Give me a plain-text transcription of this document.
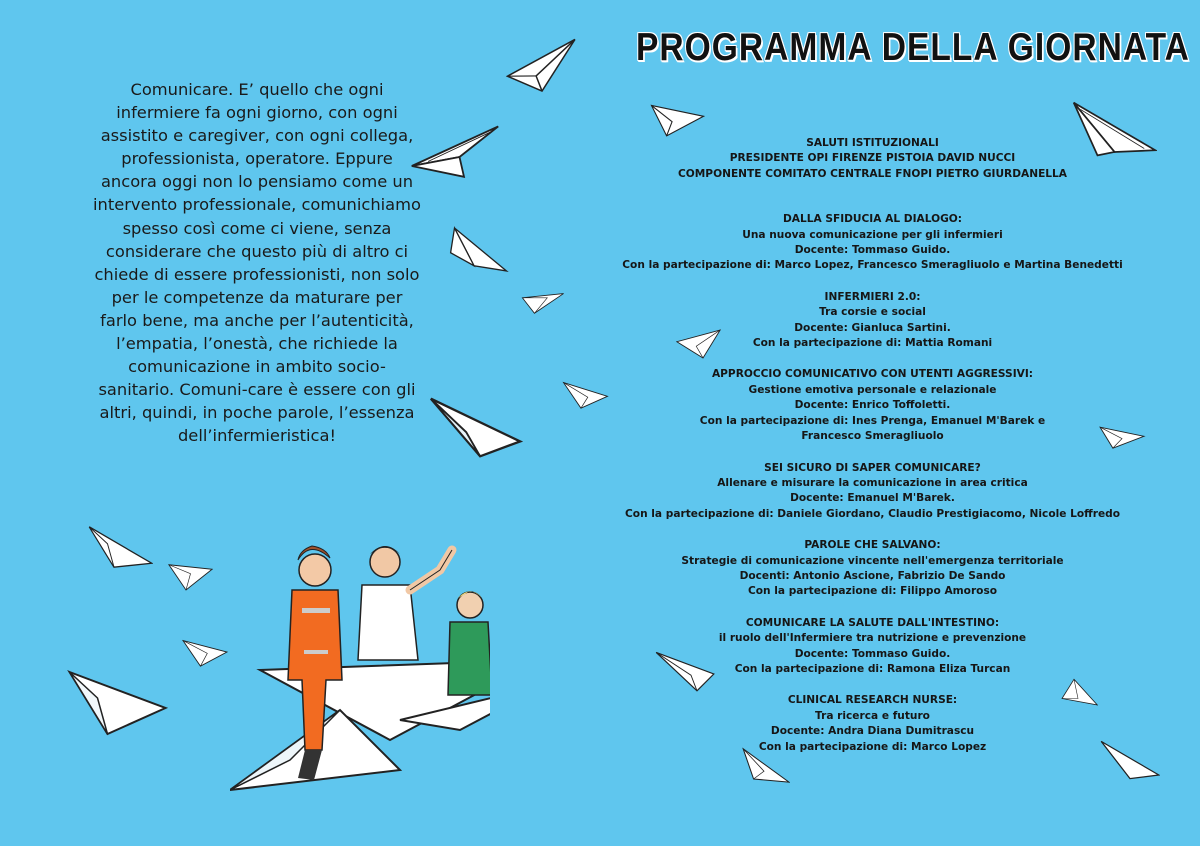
Comunicare. E’ quello che ogni infermiere fa ogni giorno, con ogni assistito e caregiver, con ogni collega, professionista, operatore. Eppure ancora oggi non lo pensiamo come un intervento professionale, comunichiamo spesso così come ci viene, senza considerare che questo più di altro ci chiede di essere professionisti, non solo per le competenze da maturare per farlo bene, ma anche per l’autenticità, l’empatia, l’onestà, che richiede la comunicazione in ambito socio-sanitario. Comuni-care è essere con gli altri, quindi, in poche parole, l’essenza dell’infermieristica!
PROGRAMMA DELLA GIORNATA
SALUTI ISTITUZIONALI
PRESIDENTE OPI FIRENZE PISTOIA DAVID NUCCI
COMPONENTE COMITATO CENTRALE FNOPI PIETRO GIURDANELLA
DALLA SFIDUCIA AL DIALOGO:
Una nuova comunicazione per gli infermieri
Docente: Tommaso Guido.
Con la partecipazione di: Marco Lopez, Francesco Smeragliuolo e Martina Benedetti
INFERMIERI 2.0:
Tra corsie e social
Docente: Gianluca Sartini.
Con la partecipazione di: Mattia Romani
APPROCCIO COMUNICATIVO CON UTENTI AGGRESSIVI:
Gestione emotiva personale e relazionale
Docente: Enrico Toffoletti.
Con la partecipazione di: Ines Prenga, Emanuel M'Barek e
Francesco Smeragliuolo
SEI SICURO DI SAPER COMUNICARE?
Allenare e misurare la comunicazione in area critica
Docente: Emanuel M'Barek.
Con la partecipazione di: Daniele Giordano, Claudio Prestigiacomo, Nicole Loffredo
PAROLE CHE SALVANO:
Strategie di comunicazione vincente nell'emergenza territoriale
Docenti: Antonio Ascione, Fabrizio De Sando
Con la partecipazione di: Filippo Amoroso
COMUNICARE LA SALUTE DALL'INTESTINO:
il ruolo dell'Infermiere tra nutrizione e prevenzione
Docente: Tommaso Guido.
Con la partecipazione di: Ramona Eliza Turcan
CLINICAL RESEARCH NURSE:
Tra ricerca e futuro
Docente: Andra Diana Dumitrascu
Con la partecipazione di: Marco Lopez
